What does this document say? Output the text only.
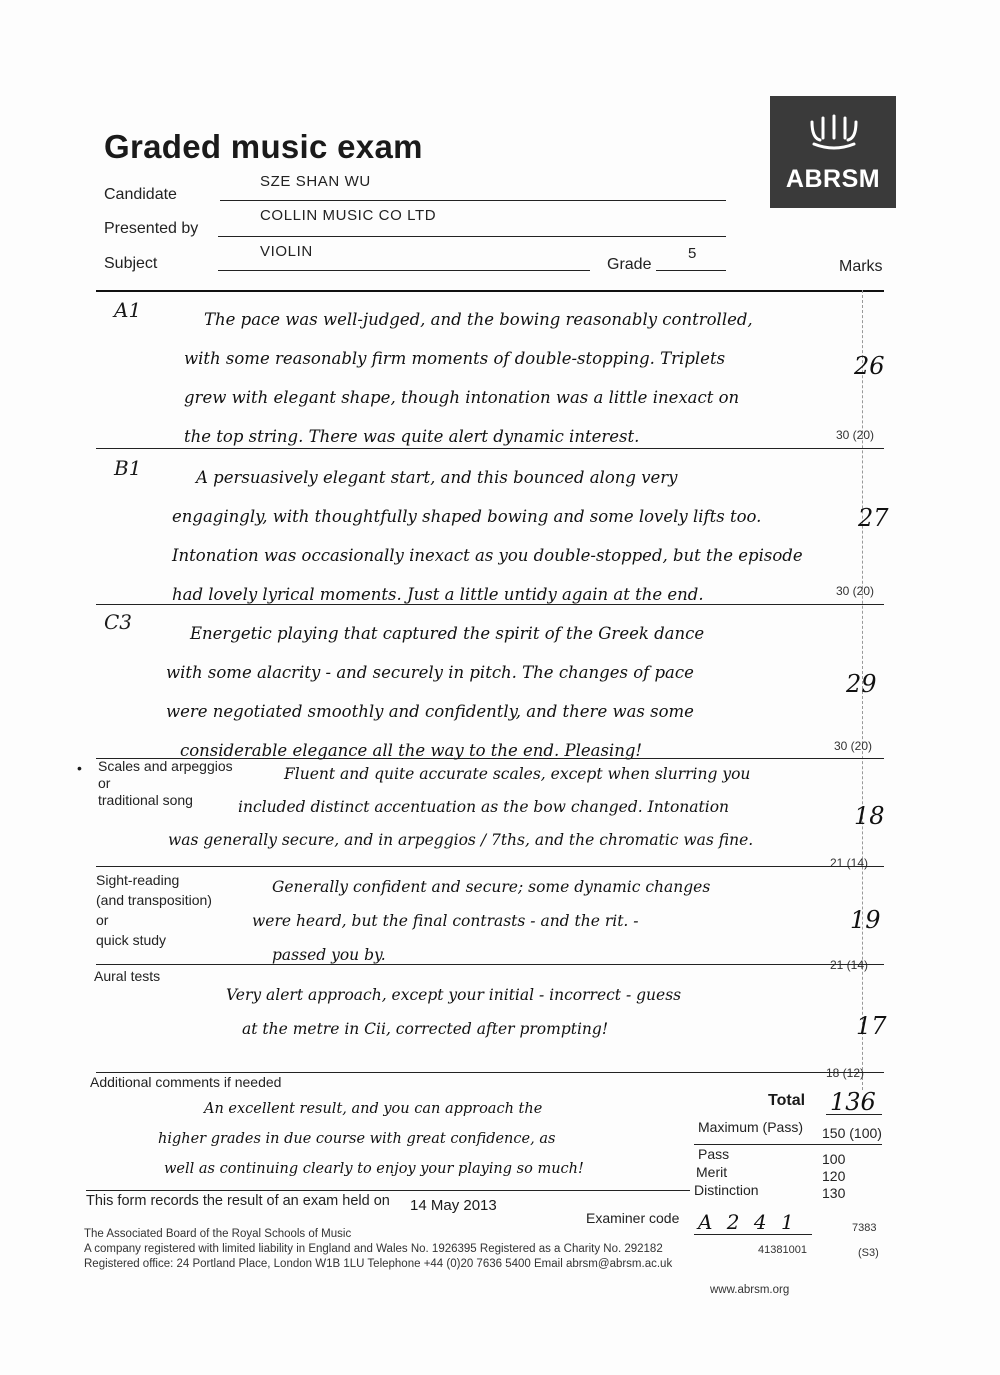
Graded music exam
ABRSM
Candidate
SZE SHAN WU
Presented by
COLLIN MUSIC CO LTD
Subject
VIOLIN
Grade
5
Marks
A1	The pace was well-judged, and the bowing reasonably controlled,
with some reasonably firm moments of double-stopping. Triplets
grew with elegant shape, though intonation was a little inexact on
the top string. There was quite alert dynamic interest.
26
30 (20)
B1	A persuasively elegant start, and this bounced along very
engagingly, with thoughtfully shaped bowing and some lovely lifts too.
Intonation was occasionally inexact as you double-stopped, but the episode
had lovely lyrical moments. Just a little untidy again at the end.
27
30 (20)
C3	Energetic playing that captured the spirit of the Greek dance
with some alacrity - and securely in pitch. The changes of pace
were negotiated smoothly and confidently, and there was some
considerable elegance all the way to the end. Pleasing!
29
30 (20)
• Scales and arpeggios
or
traditional song
Fluent and quite accurate scales, except when slurring you
included distinct accentuation as the bow changed. Intonation
was generally secure, and in arpeggios / 7ths, and the chromatic was fine.
18
21 (14)
Sight-reading
(and transposition)
or
quick study
Generally confident and secure; some dynamic changes
were heard, but the final contrasts - and the rit. -
passed you by.
19
21 (14)
Aural tests
Very alert approach, except your initial - incorrect - guess
at the metre in Cii, corrected after prompting!	17
18 (12)
Additional comments if needed
An excellent result, and you can approach the
higher grades in due course with great confidence, as
well as continuing clearly to enjoy your playing so much!
Total 136
Maximum (Pass) 150 (100)
Pass	100
Merit	120
Distinction	130
This form records the result of an exam held on 14 May 2013
Examiner code A 2 4 1	7383
41381001	(S3)
The Associated Board of the Royal Schools of Music
A company registered with limited liability in England and Wales No. 1926395 Registered as a Charity No. 292182
Registered office: 24 Portland Place, London W1B 1LU Telephone +44 (0)20 7636 5400 Email abrsm@abrsm.ac.uk
www.abrsm.org
